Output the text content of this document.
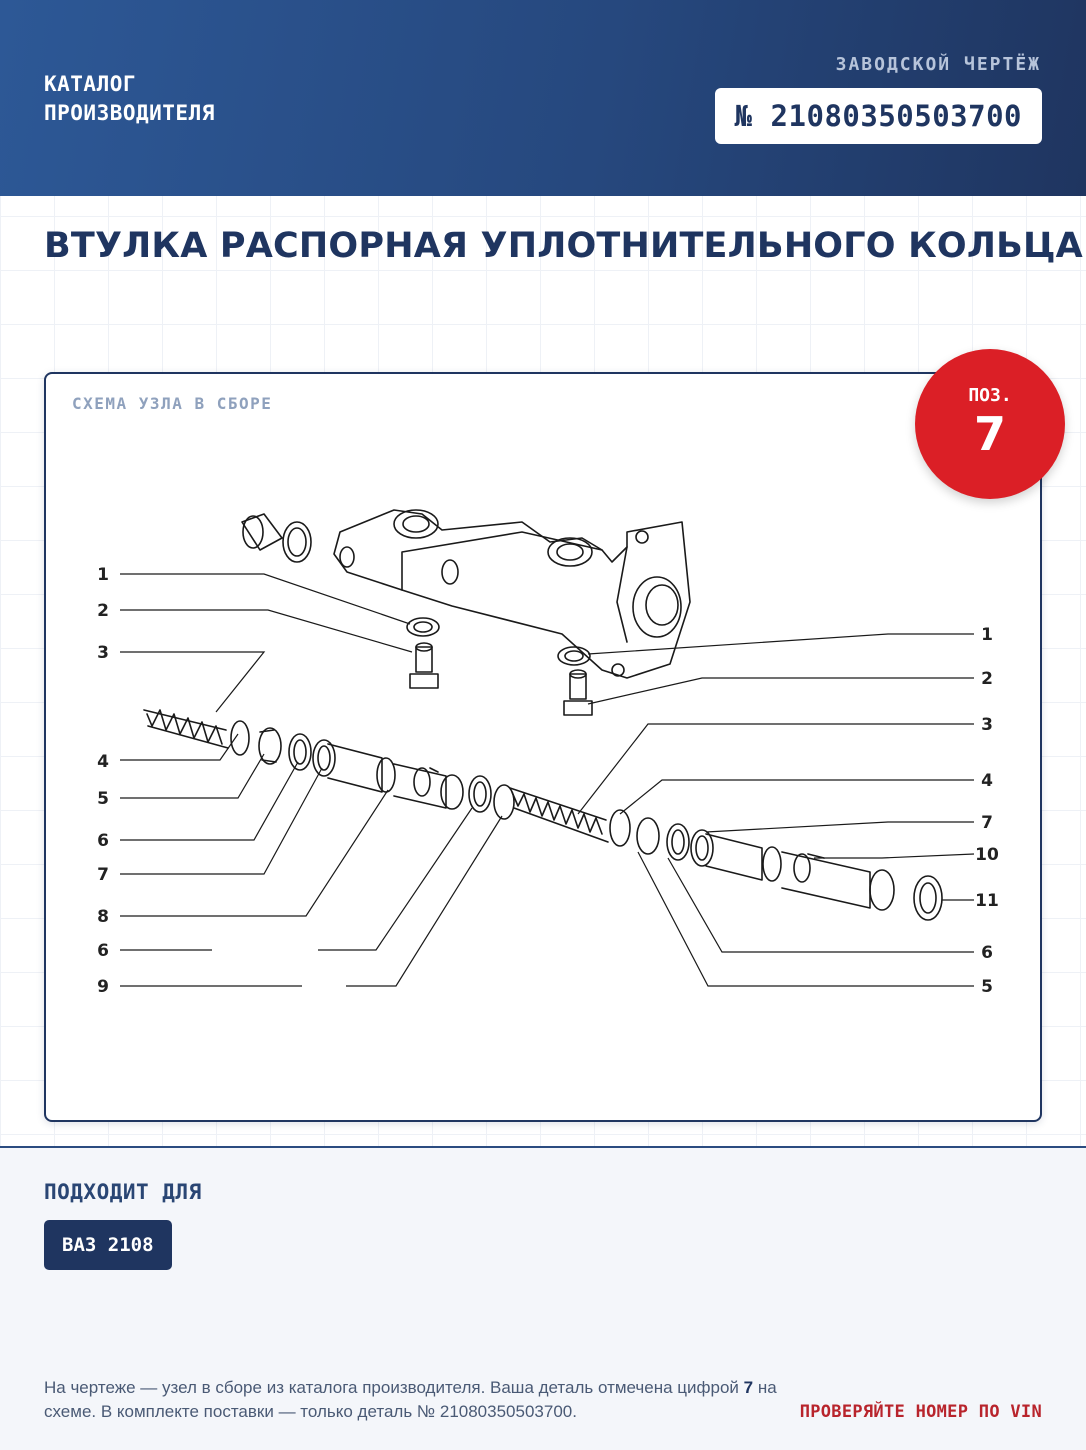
КАТАЛОГ
ПРОИЗВОДИТЕЛЯ
ЗАВОДСКОЙ ЧЕРТЁЖ
№ 21080350503700
ВТУЛКА РАСПОРНАЯ УПЛОТНИТЕЛЬНОГО КОЛЬЦА
СХЕМА УЗЛА В СБОРЕ
1
2
3
4
5
6
7
8
6
9
1
2
3
4
7
10
11
6
5
ПОЗ.
7
ПОДХОДИТ ДЛЯ
ВАЗ 2108
На чертеже — узел в сборе из каталога производителя. Ваша деталь отмечена цифрой 7 на схеме. В комплекте поставки — только деталь № 21080350503700.	ПРОВЕРЯЙТЕ НОМЕР ПО VIN
